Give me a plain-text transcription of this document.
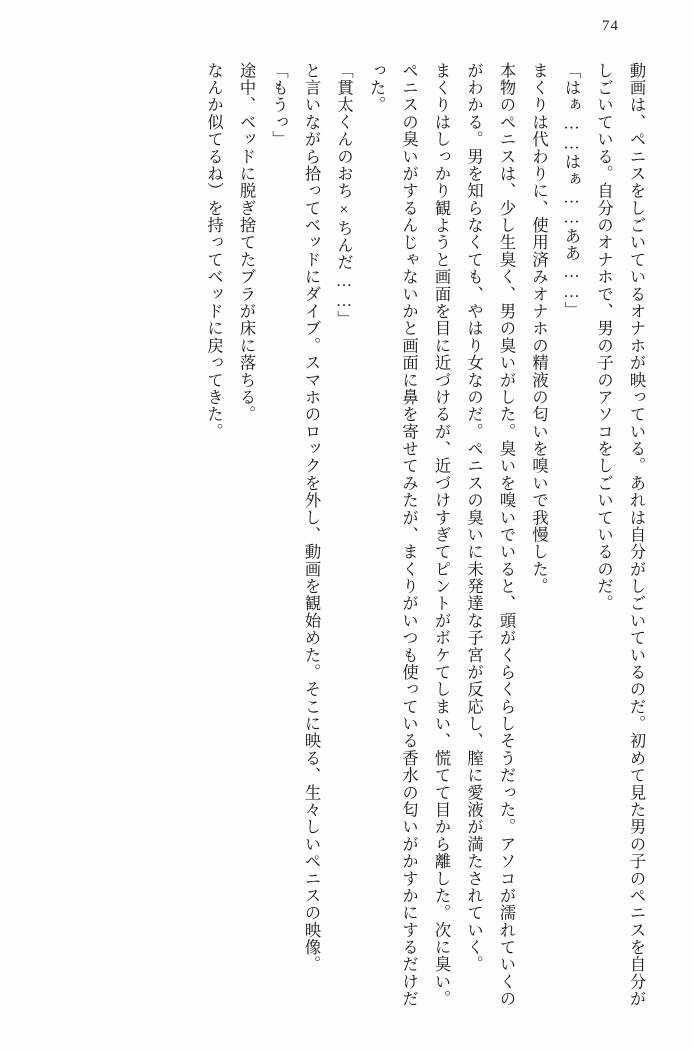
74

動画は、ペニスをしごいているオナホが映っている。あれは自分がしごいているのだ。初めて見た男の子のペニスを自分がしごいている。自分のオナホで、男の子のアソコをしごいているのだ。

「はぁ……はぁ……ああ……」

まくりは代わりに、使用済みオナホの精液の匂いを嗅いで我慢した。

本物のペニスは、少し生臭く、男の臭いがした。臭いを嗅いでいると、頭がくらくらしそうだった。アソコが濡れていくのがわかる。男を知らなくても、やはり女なのだ。ペニスの臭いに未発達な子宮が反応し、膣に愛液が満たされていく。

まくりはしっかり観ようと画面を目に近づけるが、近づけすぎてピントがボケてしまい、慌てて目から離した。次に臭い。ペニスの臭いがするんじゃないかと画面に鼻を寄せてみたが、まくりがいつも使っている香水の匂いがかすかにするだけだった。

「貫太くんのおち×ちんだ……」

と言いながら拾ってベッドにダイブ。スマホのロックを外し、動画を観始めた。そこに映る、生々しいペニスの映像。

「もうっ」

途中、ベッドに脱ぎ捨てたブラが床に落ちる。

なんか似てるね）を持ってベッドに戻ってきた。
